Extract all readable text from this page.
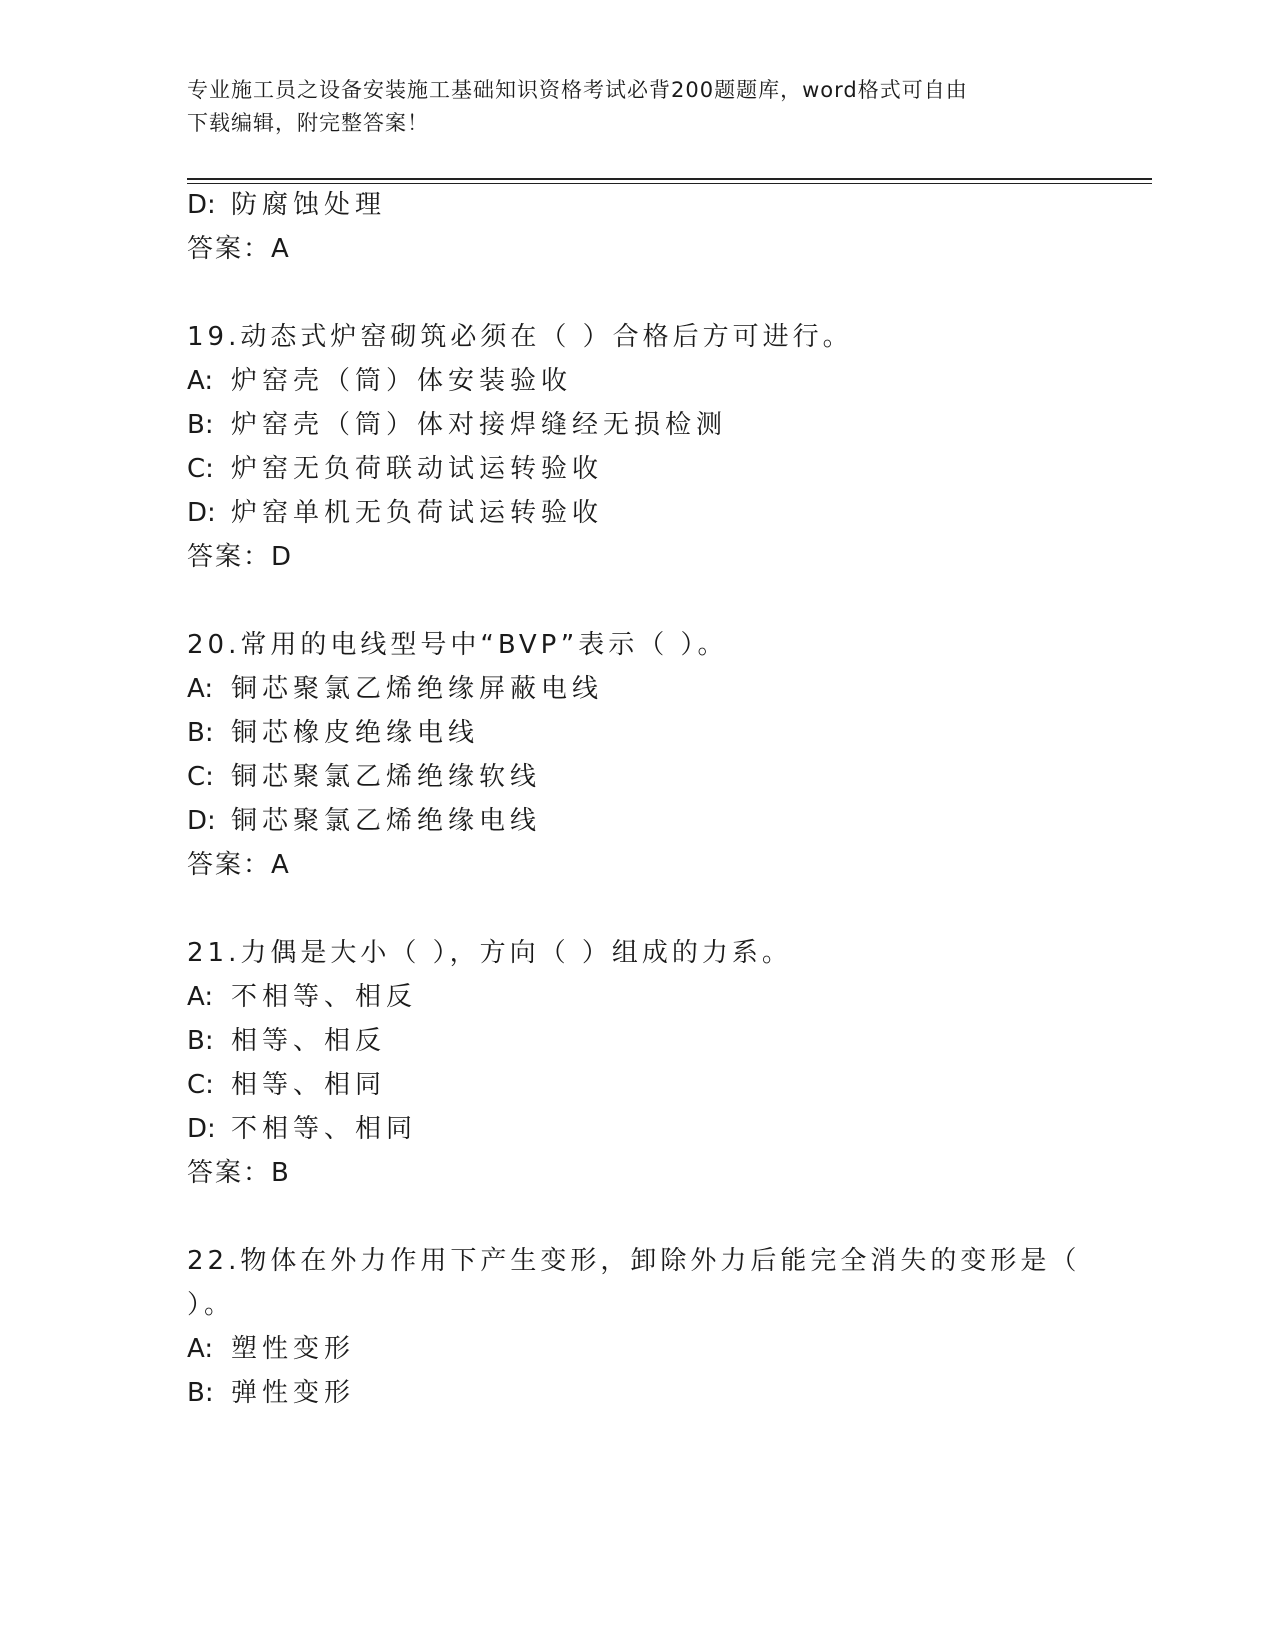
专业施工员之设备安装施工基础知识资格考试必背200题题库，word格式可自由
下载编辑，附完整答案！
D: 防腐蚀处理
答案：A
19.动态式炉窑砌筑必须在（ ）合格后方可进行。
A: 炉窑壳（筒）体安装验收
B: 炉窑壳（筒）体对接焊缝经无损检测
C: 炉窑无负荷联动试运转验收
D: 炉窑单机无负荷试运转验收
答案：D
20.常用的电线型号中“BVP”表示（ ）。
A: 铜芯聚氯乙烯绝缘屏蔽电线
B: 铜芯橡皮绝缘电线
C: 铜芯聚氯乙烯绝缘软线
D: 铜芯聚氯乙烯绝缘电线
答案：A
21.力偶是大小（ ），方向（ ）组成的力系。
A: 不相等、相反
B: 相等、相反
C: 相等、相同
D: 不相等、相同
答案：B
22.物体在外力作用下产生变形，卸除外力后能完全消失的变形是（
）。
A: 塑性变形
B: 弹性变形
